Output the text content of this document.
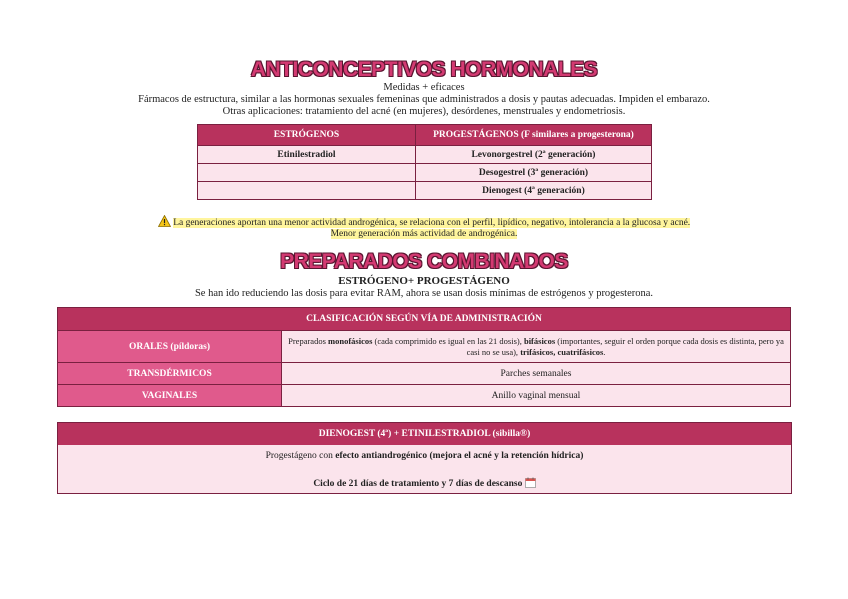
ANTICONCEPTIVOS HORMONALES
Medidas + eficaces
Fármacos de estructura, similar a las hormonas sexuales femeninas que administrados a dosis y pautas adecuadas. Impiden el embarazo.
Otras aplicaciones: tratamiento del acné (en mujeres), desórdenes, menstruales y endometriosis.
ESTRÓGENOS	PROGESTÁGENOS (F similares a progesterona)
Etinilestradiol	Levonorgestrel (2ª generación)
	Desogestrel (3ª generación)
	Dienogest (4ª generación)
La generaciones aportan una menor actividad androgénica, se relaciona con el perfil, lipídico, negativo, intolerancia a la glucosa y acné.
Menor generación más actividad de androgénica.
PREPARADOS COMBINADOS
ESTRÓGENO+ PROGESTÁGENO
Se han ido reduciendo las dosis para evitar RAM, ahora se usan dosis mínimas de estrógenos y progesterona.
CLASIFICACIÓN SEGÚN VÍA DE ADMINISTRACIÓN	
ORALES (píldoras)	Preparados monofásicos (cada comprimido es igual en las 21 dosis), bifásicos (importantes, seguir el orden porque cada dosis es distinta, pero ya casi no se usa), trifásicos, cuatrifásicos.
TRANSDÉRMICOS	Parches semanales
VAGINALES	Anillo vaginal mensual
DIENOGEST (4ª) + ETINILESTRADIOL (sibilla®)
Progestágeno con efecto antiandrogénico (mejora el acné y la retención hídrica)
Ciclo de 21 días de tratamiento y 7 días de descanso
